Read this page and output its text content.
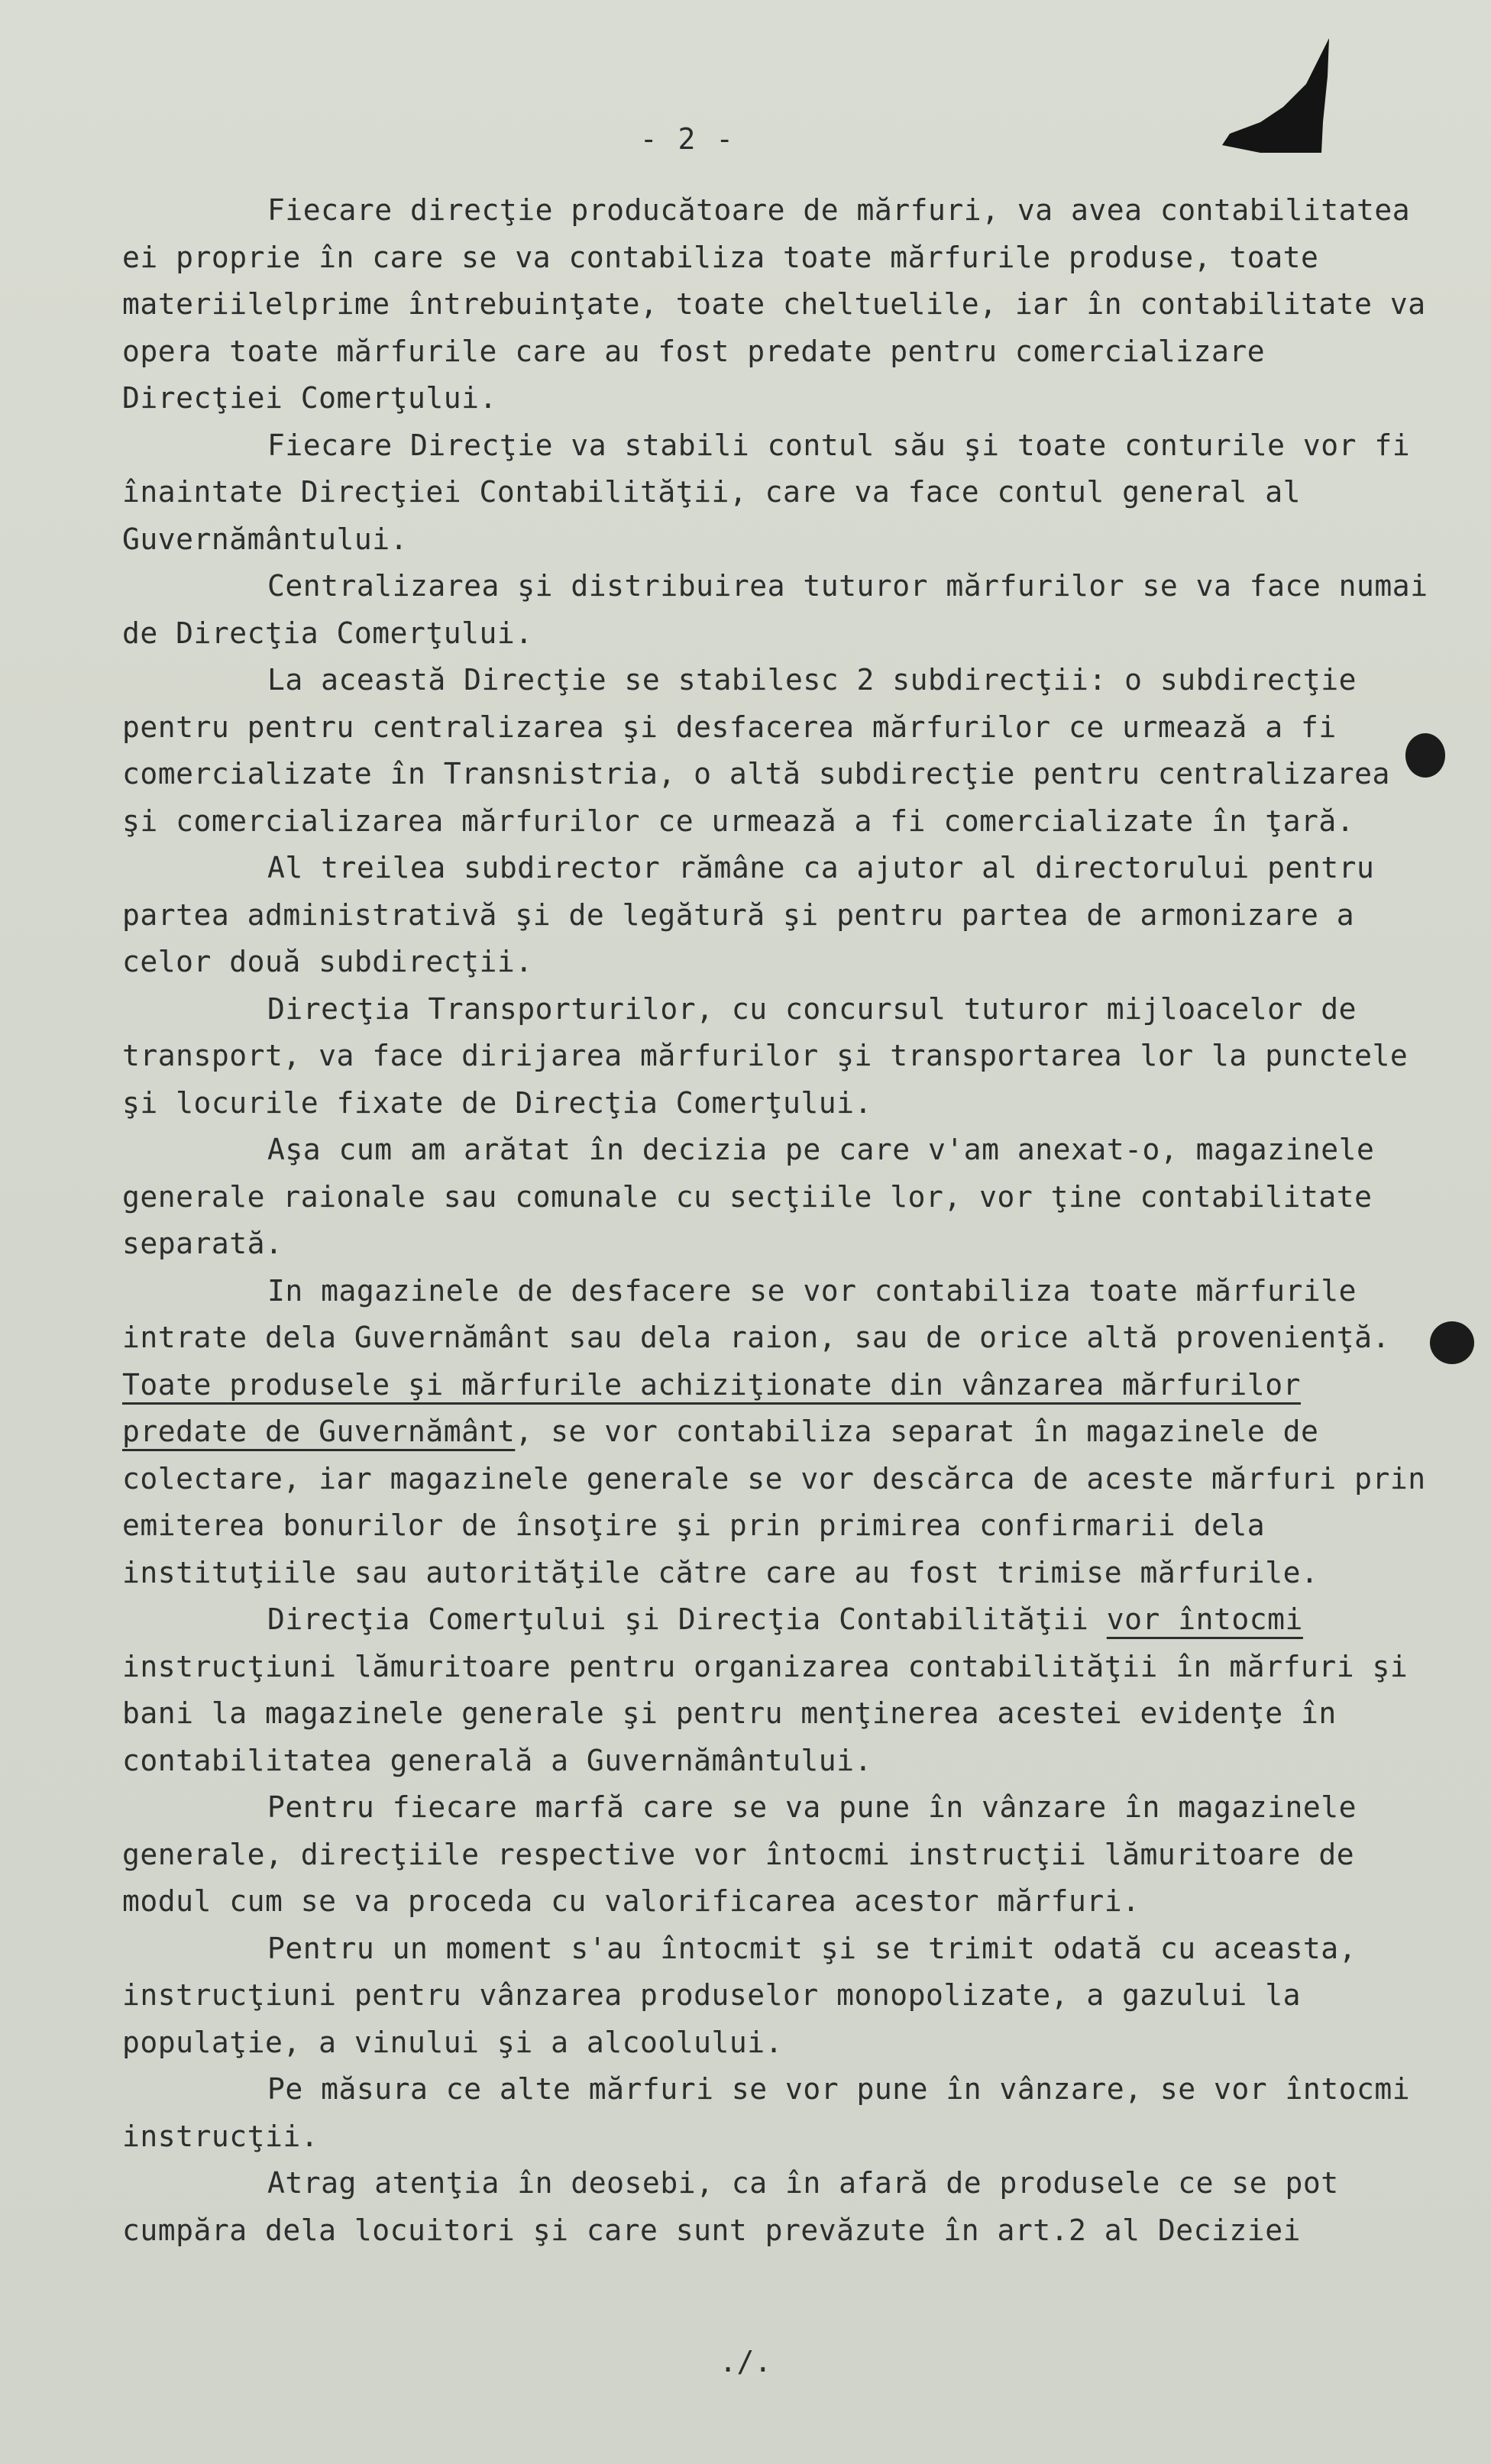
- 2 -

Fiecare direcţie producătoare de mărfuri, va avea contabilitatea ei proprie în care se va contabiliza toate mărfurile produse, toate materiilelprime întrebuinţate, toate cheltuelile, iar în contabilitate va opera toate mărfurile care au fost predate pentru comercializare Direcţiei Comerţului.

Fiecare Direcţie va stabili contul său şi toate conturile vor fi înaintate Direcţiei Contabilităţii, care va face contul general al Guvernământului.

Centralizarea şi distribuirea tuturor mărfurilor se va face numai de Direcţia Comerţului.

La această Direcţie se stabilesc 2 subdirecţii: o subdirecţie pentru pentru centralizarea şi desfacerea mărfurilor ce urmează a fi comercializate în Transnistria, o altă subdirecţie pentru centralizarea şi comercializarea mărfurilor ce urmează a fi comercializate în ţară.

Al treilea subdirector rămâne ca ajutor al directorului pentru partea administrativă şi de legătură şi pentru partea de armonizare a celor două subdirecţii.

Direcţia Transporturilor, cu concursul tuturor mijloacelor de transport, va face dirijarea mărfurilor şi transportarea lor la punctele şi locurile fixate de Direcţia Comerţului.

Aşa cum am arătat în decizia pe care v'am anexat-o, magazinele generale raionale sau comunale cu secţiile lor, vor ţine contabilitate separată.

In magazinele de desfacere se vor contabiliza toate mărfurile intrate dela Guvernământ sau dela raion, sau de orice altă provenienţă. Toate produsele şi mărfurile achiziţionate din vânzarea mărfurilor predate de Guvernământ, se vor contabiliza separat în magazinele de colectare, iar magazinele generale se vor descărca de aceste mărfuri prin emiterea bonurilor de însoţire şi prin primirea confirmarii dela instituţiile sau autorităţile către care au fost trimise mărfurile.

Direcţia Comerţului şi Direcţia Contabilităţii vor întocmi instrucţiuni lămuritoare pentru organizarea contabilităţii în mărfuri şi bani la magazinele generale şi pentru menţinerea acestei evidenţe în contabilitatea generală a Guvernământului.

Pentru fiecare marfă care se va pune în vânzare în magazinele generale, direcţiile respective vor întocmi instrucţii lămuritoare de modul cum se va proceda cu valorificarea acestor mărfuri.

Pentru un moment s'au întocmit şi se trimit odată cu aceasta, instrucţiuni pentru vânzarea produselor monopolizate, a gazului la populaţie, a vinului şi a alcoolului.

Pe măsura ce alte mărfuri se vor pune în vânzare, se vor întocmi instrucţii.

Atrag atenţia în deosebi, ca în afară de produsele ce se pot cumpăra dela locuitori şi care sunt prevăzute în art.2 al Deciziei

./.
